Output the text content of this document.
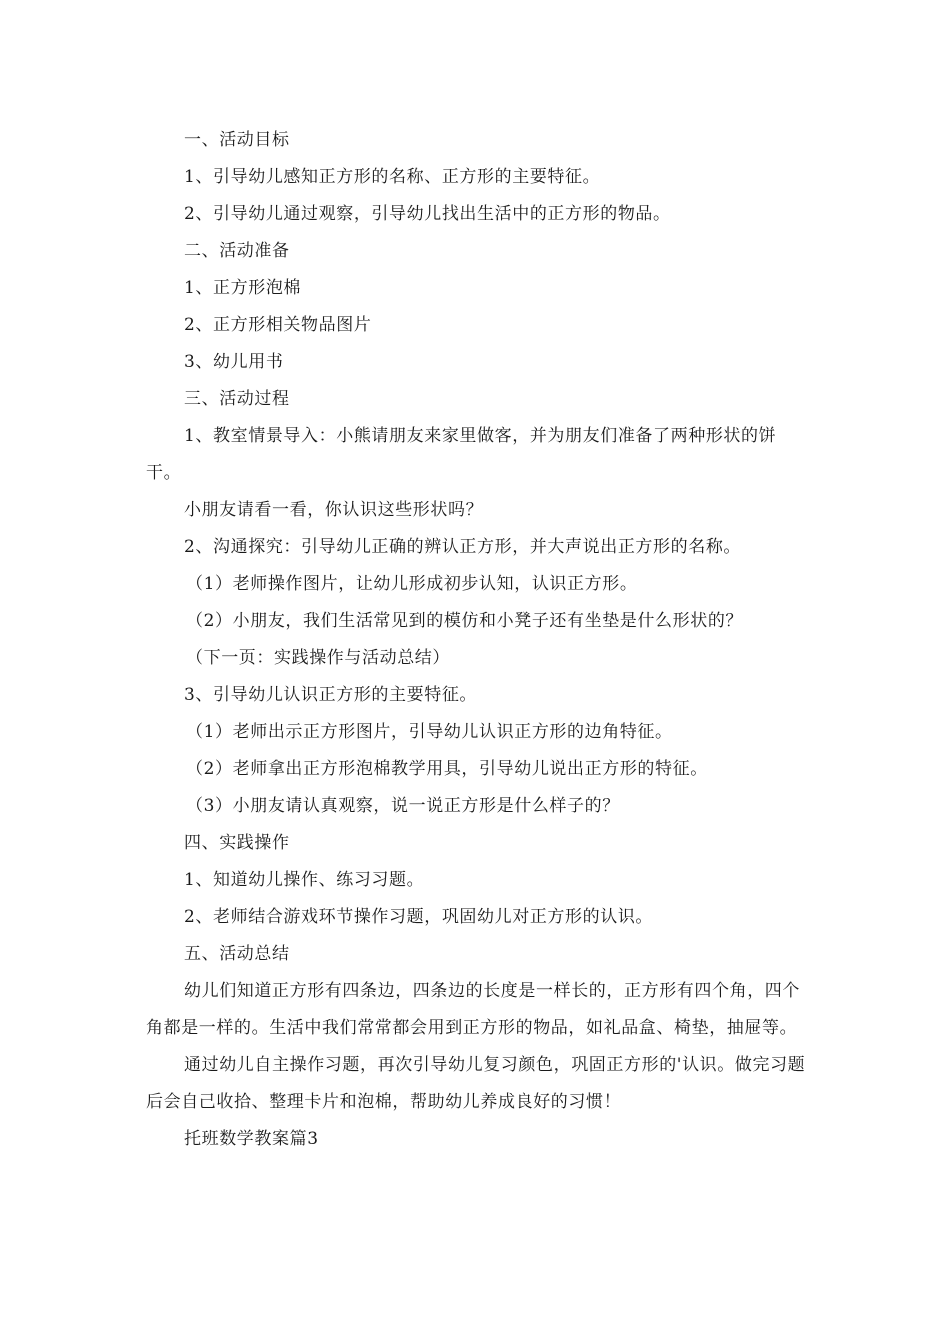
一、活动目标

1、引导幼儿感知正方形的名称、正方形的主要特征。

2、引导幼儿通过观察，引导幼儿找出生活中的正方形的物品。

二、活动准备

1、正方形泡棉

2、正方形相关物品图片

3、幼儿用书

三、活动过程

1、教室情景导入：小熊请朋友来家里做客，并为朋友们准备了两种形状的饼干。

小朋友请看一看，你认识这些形状吗？

2、沟通探究：引导幼儿正确的辨认正方形，并大声说出正方形的名称。

（1）老师操作图片，让幼儿形成初步认知，认识正方形。

（2）小朋友，我们生活常见到的模仿和小凳子还有坐垫是什么形状的？

（下一页：实践操作与活动总结）

3、引导幼儿认识正方形的主要特征。

（1）老师出示正方形图片，引导幼儿认识正方形的边角特征。

（2）老师拿出正方形泡棉教学用具，引导幼儿说出正方形的特征。

（3）小朋友请认真观察，说一说正方形是什么样子的？

四、实践操作

1、知道幼儿操作、练习习题。

2、老师结合游戏环节操作习题，巩固幼儿对正方形的认识。

五、活动总结

幼儿们知道正方形有四条边，四条边的长度是一样长的，正方形有四个角，四个角都是一样的。生活中我们常常都会用到正方形的物品，如礼品盒、椅垫，抽屉等。

通过幼儿自主操作习题，再次引导幼儿复习颜色，巩固正方形的'认识。做完习题后会自己收拾、整理卡片和泡棉，帮助幼儿养成良好的习惯！

托班数学教案篇3
